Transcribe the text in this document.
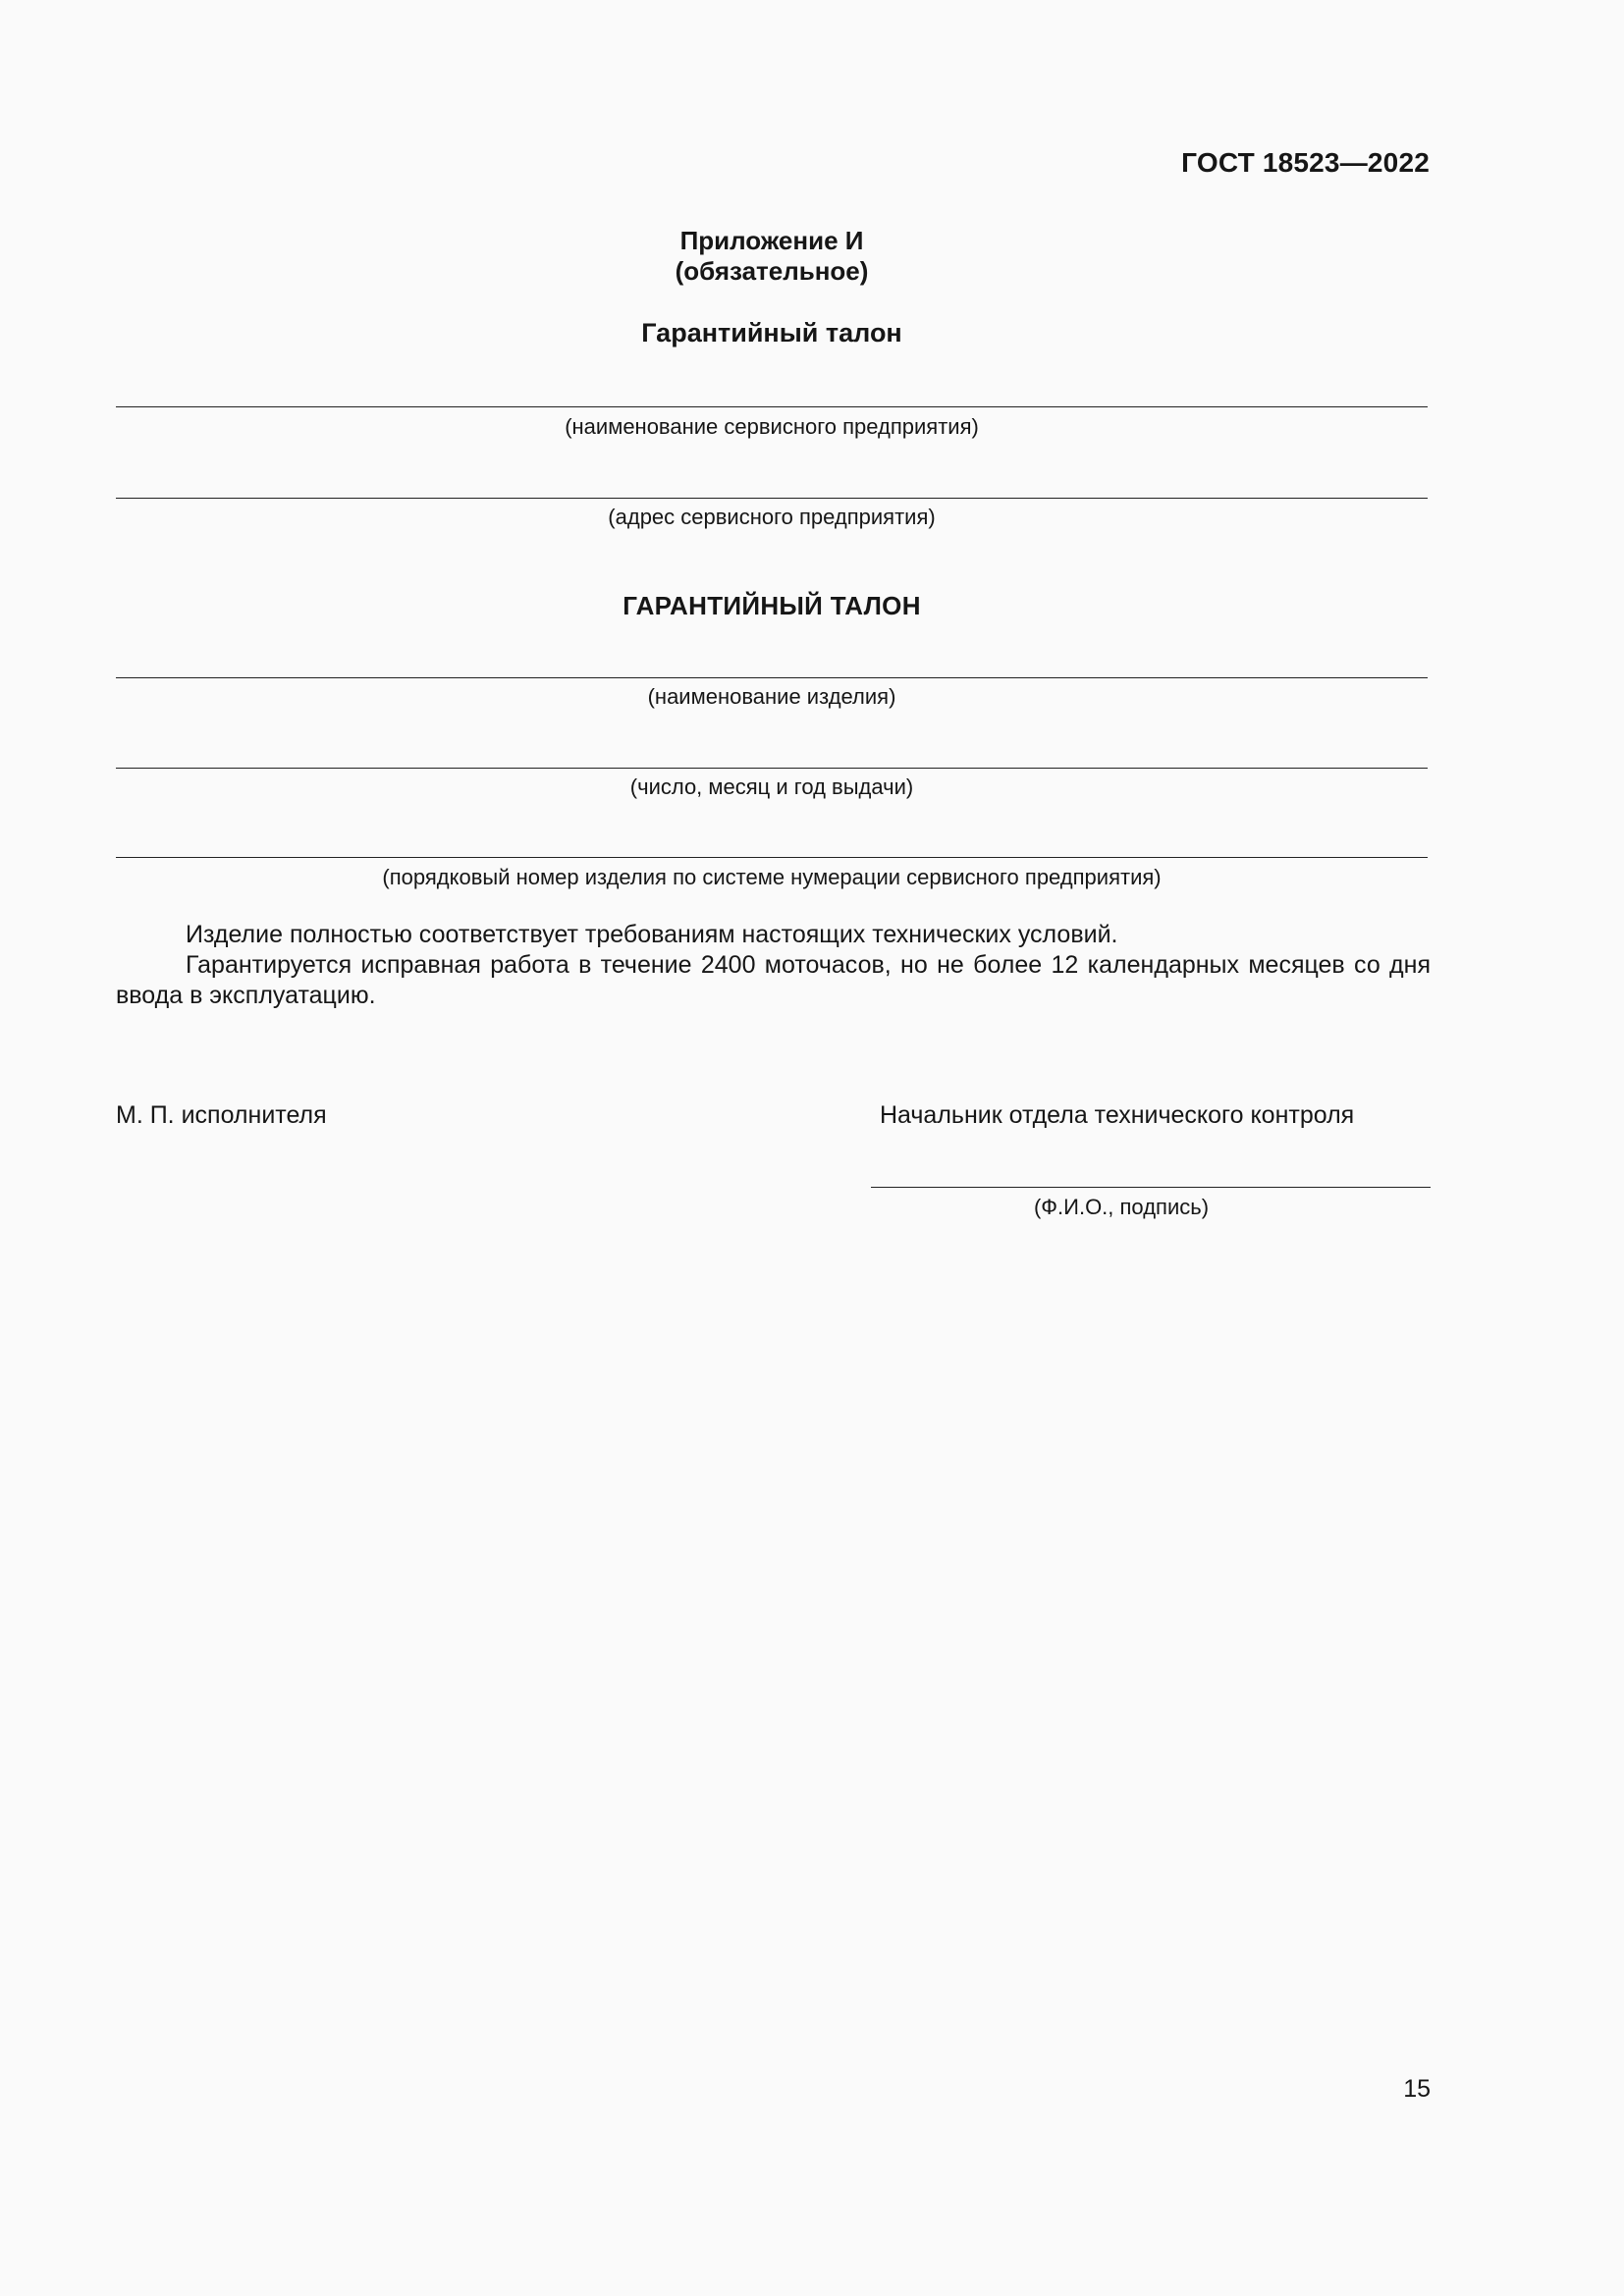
ГОСТ 18523—2022
Приложение И
(обязательное)
Гарантийный талон
(наименование сервисного предприятия)
(адрес сервисного предприятия)
ГАРАНТИЙНЫЙ ТАЛОН
(наименование изделия)
(число, месяц и год выдачи)
(порядковый номер изделия по системе нумерации сервисного предприятия)

Изделие полностью соответствует требованиям настоящих технических условий.

Гарантируется исправная работа в течение 2400 моточасов, но не более 12 календарных месяцев со дня ввода в эксплуатацию.

М. П. исполнителя	Начальник отдела технического контроля
(Ф.И.О., подпись)
15
